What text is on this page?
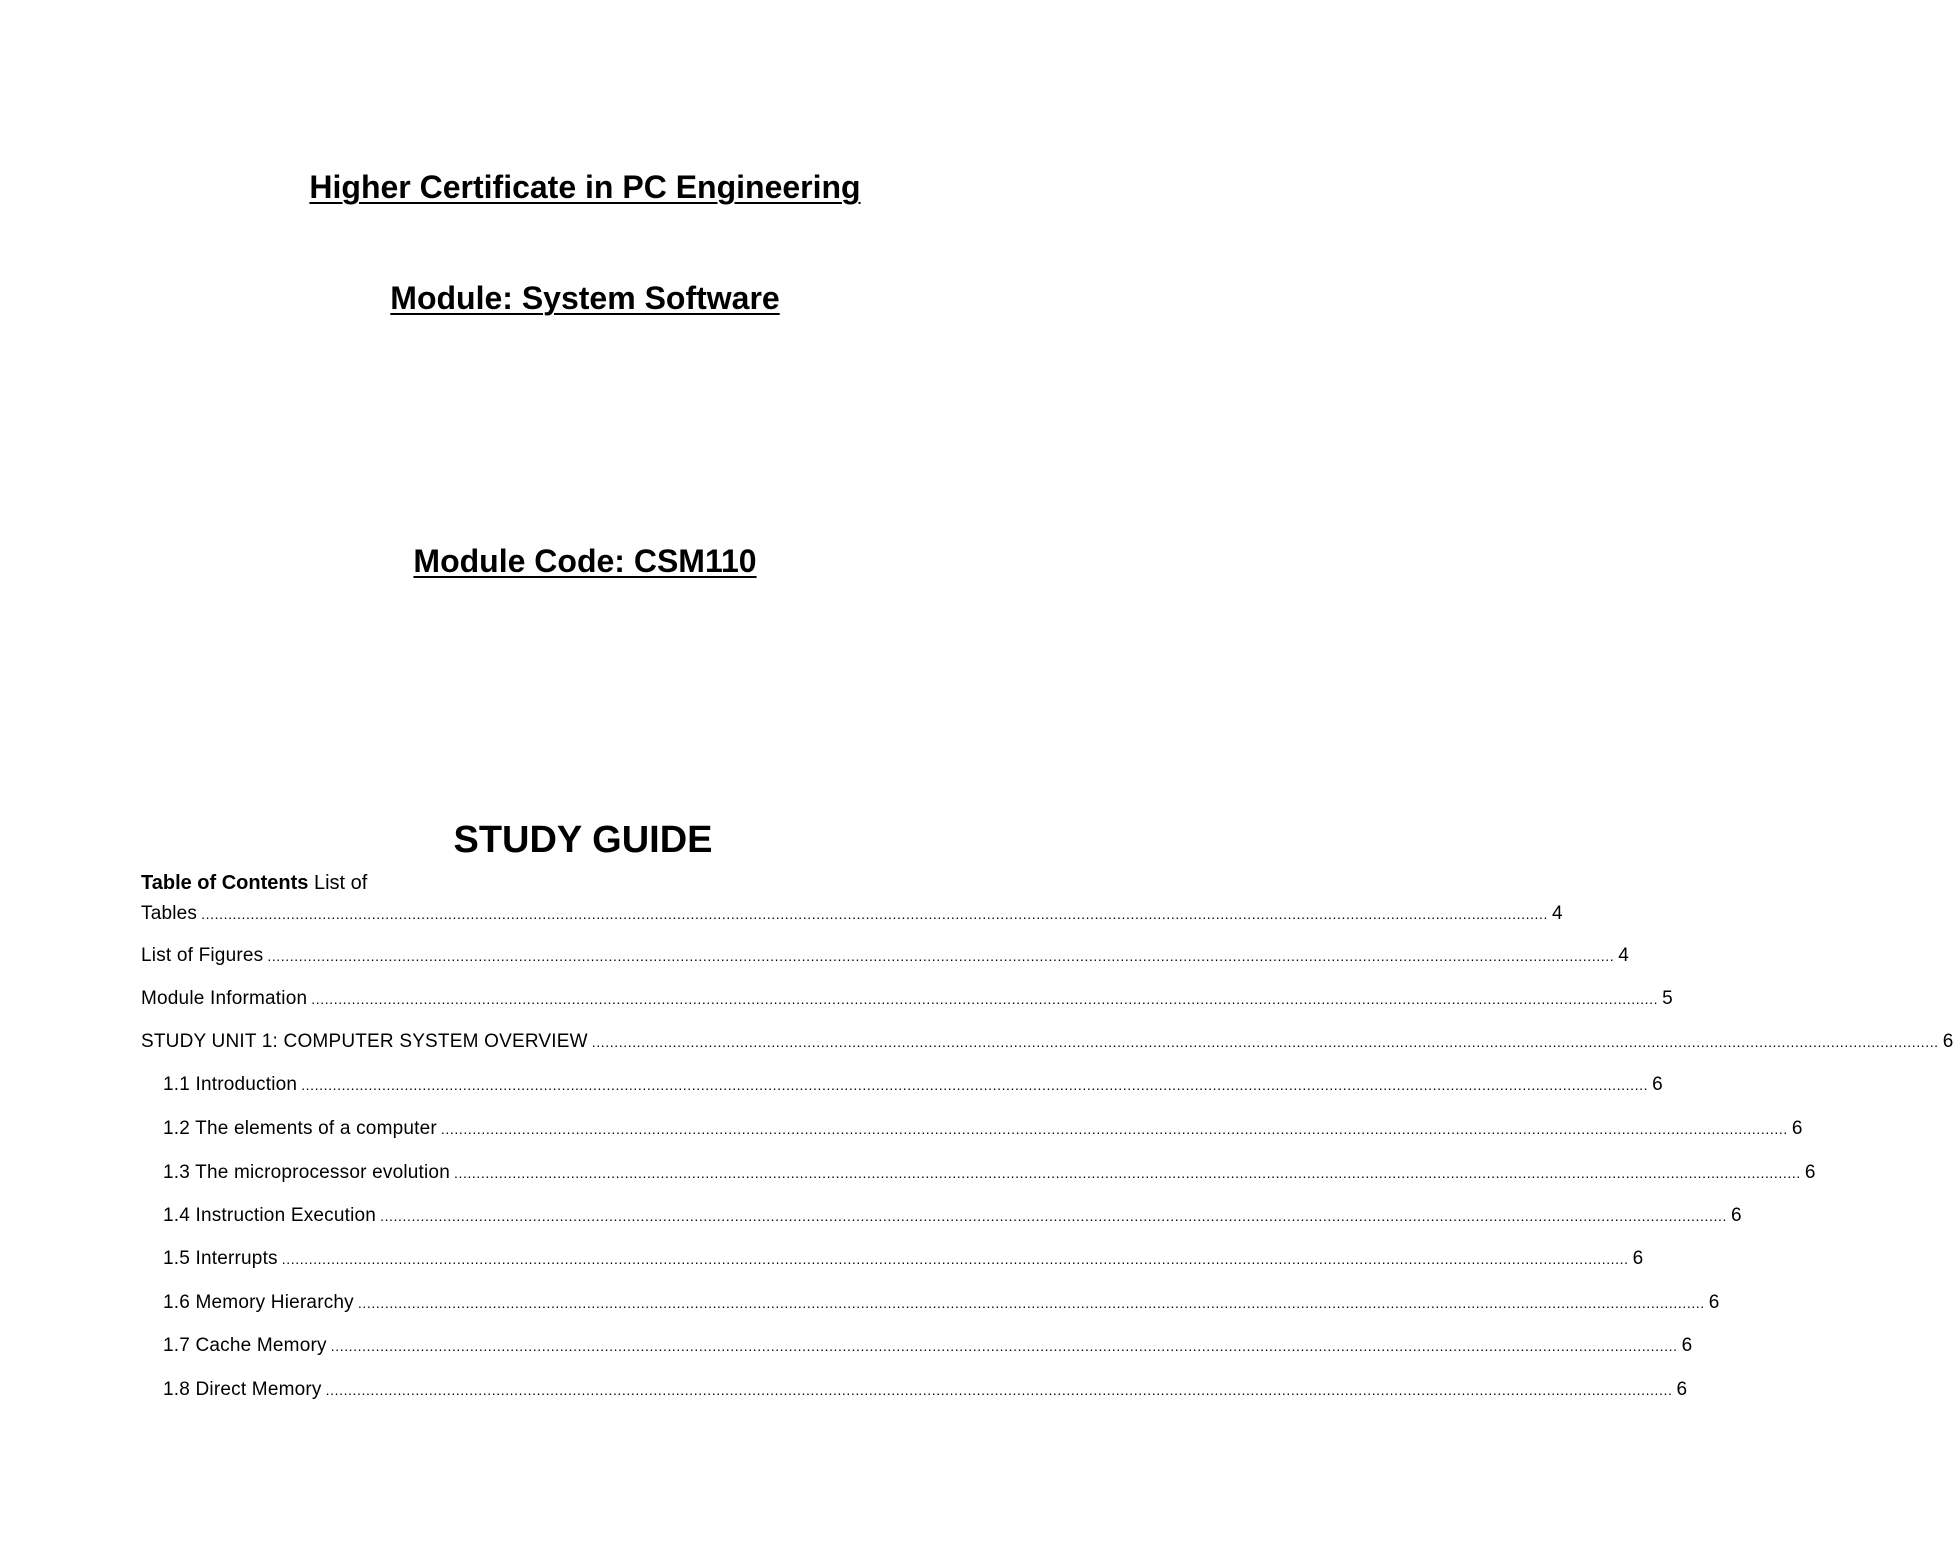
Higher Certificate in PC Engineering
Module: System Software
Module Code: CSM110
STUDY GUIDE
Table of Contents List of
Tables ............................................................................................................................................................................................................................................................................................................ 4
List of Figures ............................................................................................................................................................................................................................................................................................................ 4
Module Information ............................................................................................................................................................................................................................................................................................................ 5
STUDY UNIT 1: COMPUTER SYSTEM OVERVIEW ............................................................................................................................................................................................................................................................................................................ 6
1.1 Introduction ............................................................................................................................................................................................................................................................................................................ 6
1.2 The elements of a computer ............................................................................................................................................................................................................................................................................................................ 6
1.3 The microprocessor evolution ............................................................................................................................................................................................................................................................................................................ 6
1.4 Instruction Execution ............................................................................................................................................................................................................................................................................................................ 6
1.5 Interrupts ............................................................................................................................................................................................................................................................................................................ 6
1.6 Memory Hierarchy ............................................................................................................................................................................................................................................................................................................ 6
1.7 Cache Memory ............................................................................................................................................................................................................................................................................................................ 6
1.8 Direct Memory ............................................................................................................................................................................................................................................................................................................ 6
